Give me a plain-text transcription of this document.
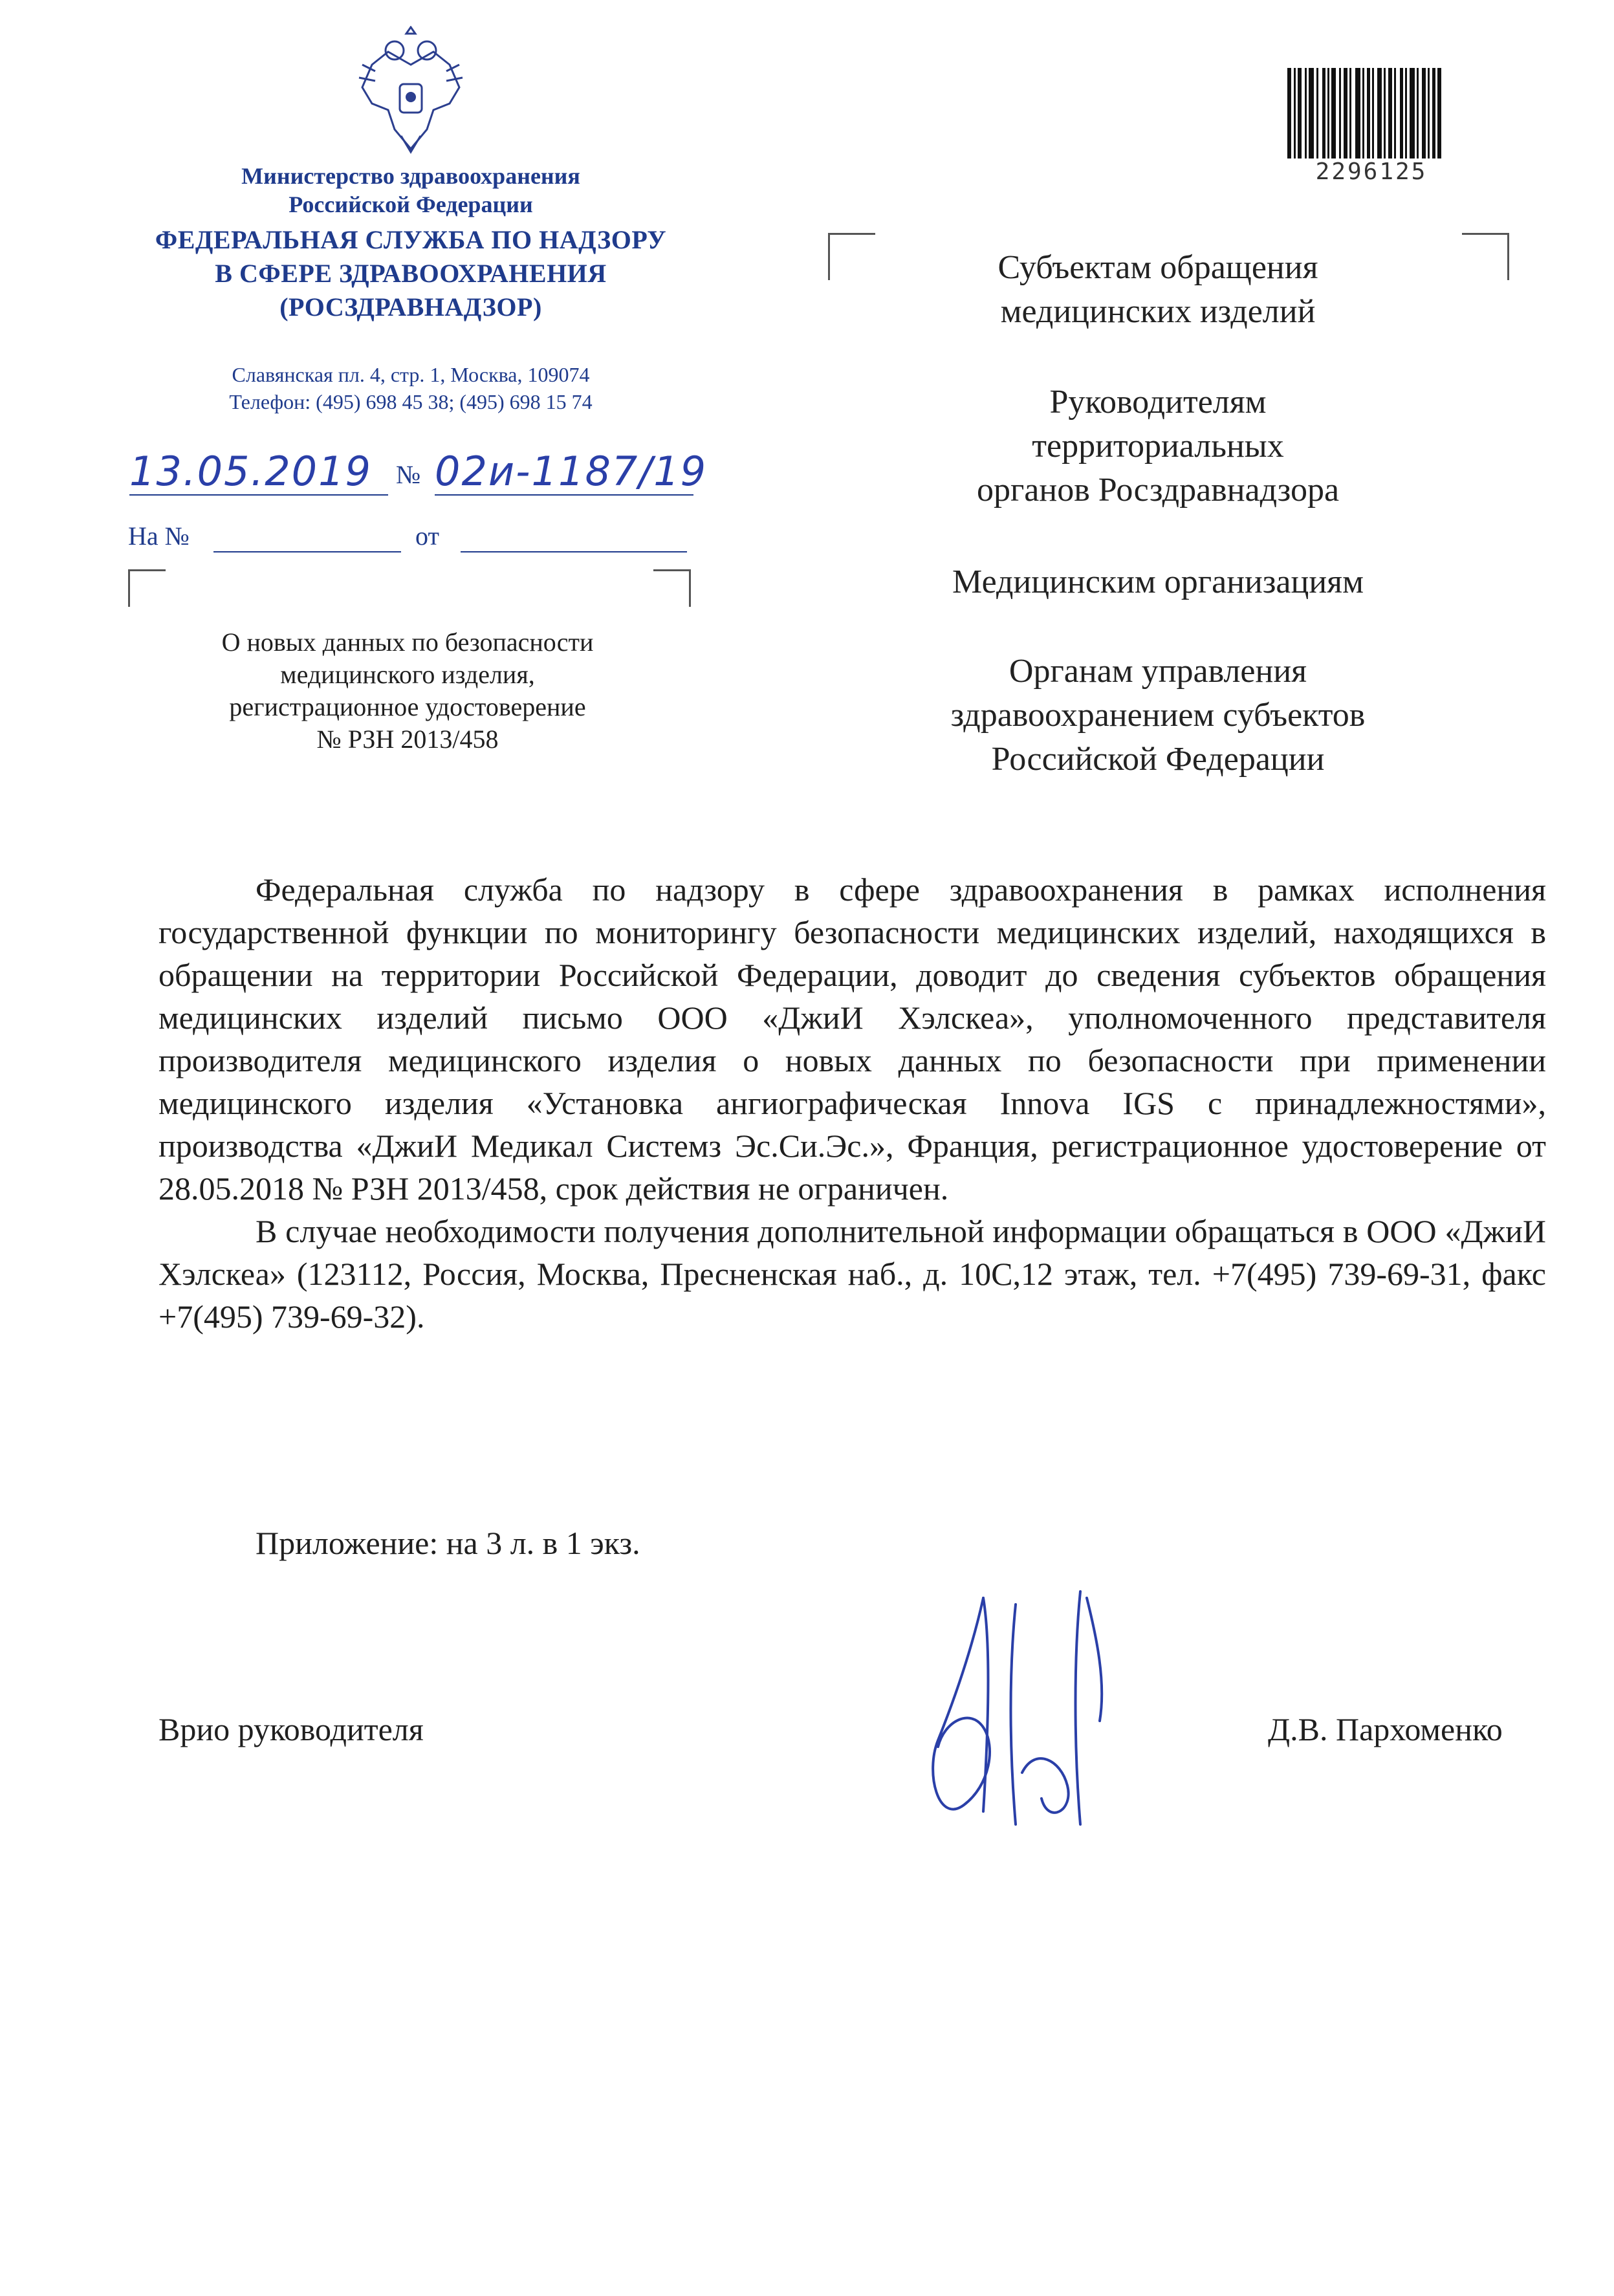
Министерство здравоохранения
Российской Федерации
ФЕДЕРАЛЬНАЯ СЛУЖБА ПО НАДЗОРУ
В СФЕРЕ ЗДРАВООХРАНЕНИЯ
(РОСЗДРАВНАДЗОР)
Славянская пл. 4, стр. 1, Москва, 109074
Телефон: (495) 698 45 38; (495) 698 15 74
13.05.2019 № 02и-1187/19
На №	от
О новых данных по безопасности
медицинского изделия,
регистрационное удостоверение
№ РЗН 2013/458
2296125
Субъектам обращения
медицинских изделий
Руководителям
территориальных
органов Росздравнадзора
Медицинским организациям
Органам управления
здравоохранением субъектов
Российской Федерации

Федеральная служба по надзору в сфере здравоохранения в рамках исполнения государственной функции по мониторингу безопасности медицинских изделий, находящихся в обращении на территории Российской Федерации, доводит до сведения субъектов обращения медицинских изделий письмо ООО «ДжиИ Хэлскеа», уполномоченного представителя производителя медицинского изделия о новых данных по безопасности при применении медицинского изделия «Установка ангиографическая Innova IGS с принадлежностями», производства «ДжиИ Медикал Системз Эс.Си.Эс.», Франция, регистрационное удостоверение от 28.05.2018 № РЗН 2013/458, срок действия не ограничен.

В случае необходимости получения дополнительной информации обращаться в ООО «ДжиИ Хэлскеа» (123112, Россия, Москва, Пресненская наб., д. 10С,12 этаж, тел. +7(495) 739-69-31, факс +7(495) 739-69-32).

Приложение: на 3 л. в 1 экз.
Врио руководителя	Д.В. Пархоменко
